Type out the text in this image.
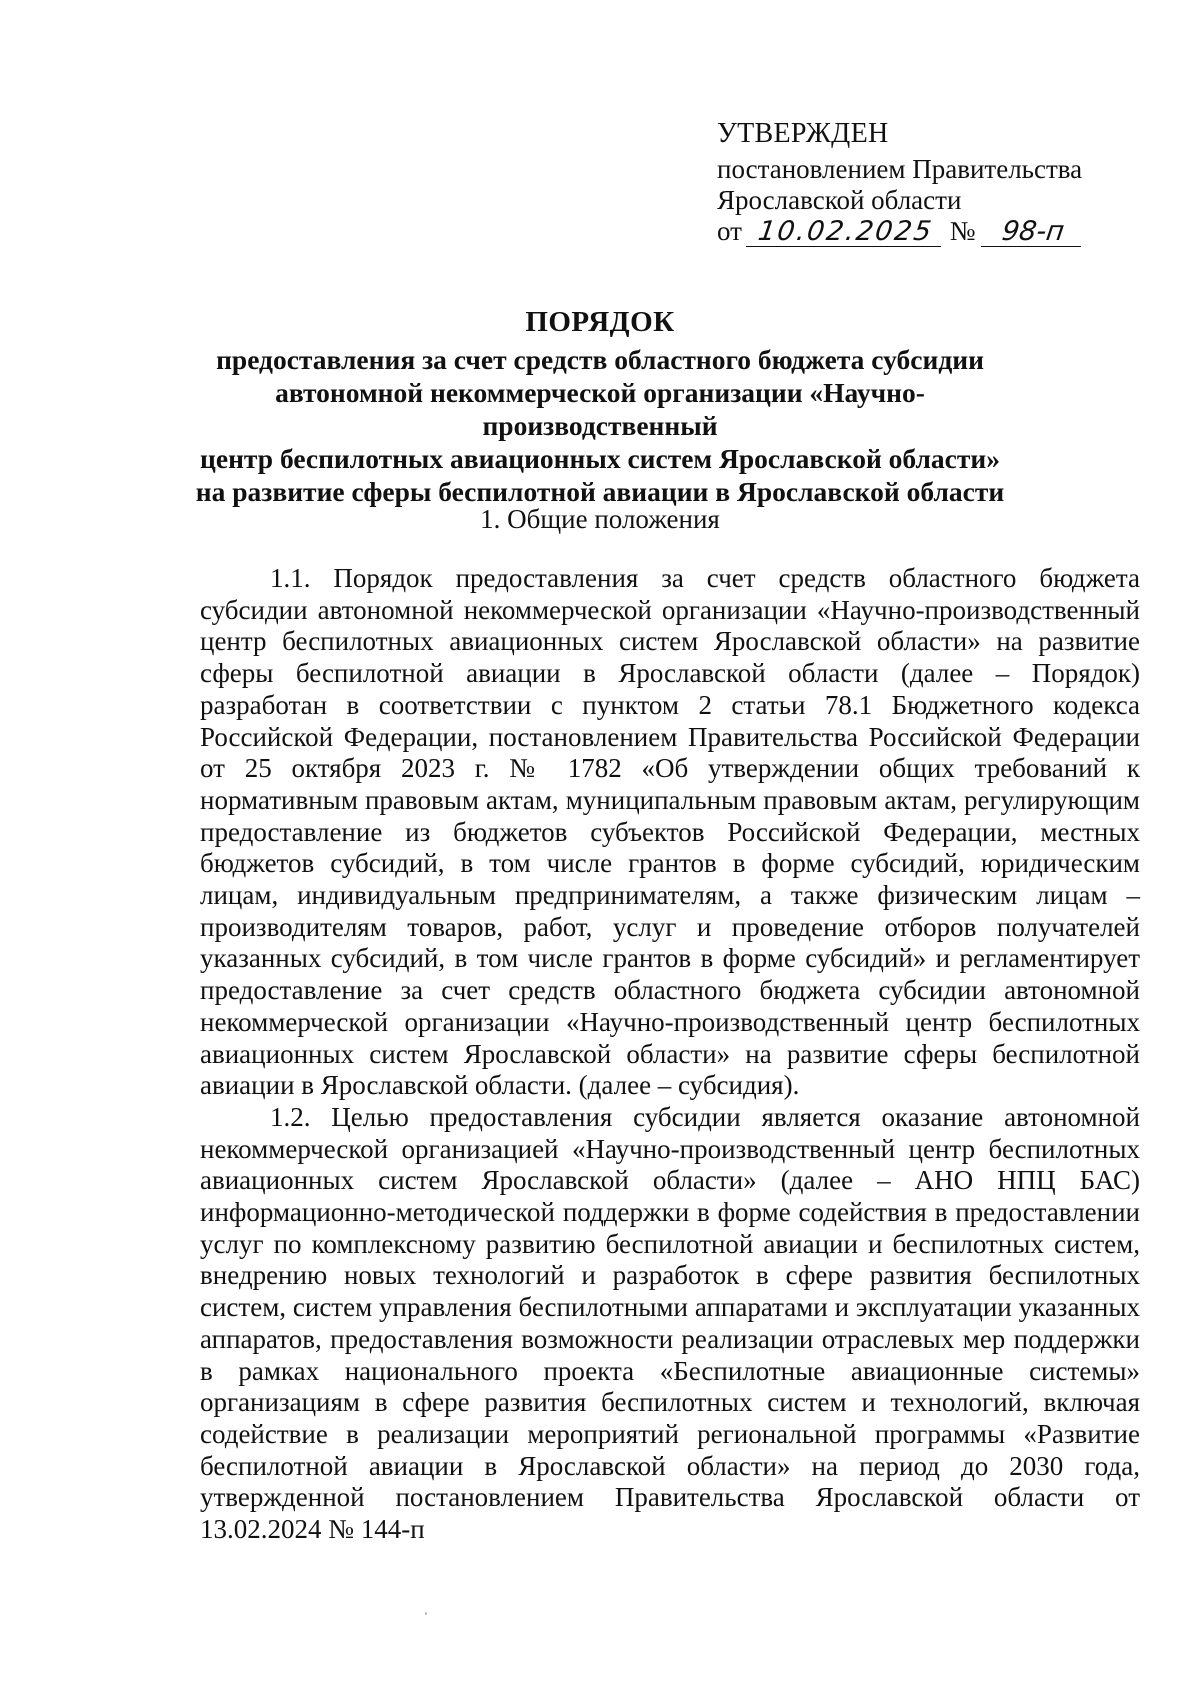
УТВЕРЖДЕН
постановлением Правительства
Ярославской области
от 10.02.2025 № 98-п
ПОРЯДОК
предоставления за счет средств областного бюджета субсидии
автономной некоммерческой организации «Научно-производственный
центр беспилотных авиационных систем Ярославской области»
на развитие сферы беспилотной авиации в Ярославской области
1. Общие положения

1.1. Порядок предоставления за счет средств областного бюджета субсидии автономной некоммерческой организации «Научно-производственный центр беспилотных авиационных систем Ярославской области» на развитие сферы беспилотной авиации в Ярославской области (далее – Порядок) разработан в соответствии с пунктом 2 статьи 78.1 Бюджетного кодекса Российской Федерации, постановлением Правительства Российской Федерации от 25 октября 2023 г. № 1782 «Об утверждении общих требований к нормативным правовым актам, муниципальным правовым актам, регулирующим предоставление из бюджетов субъектов Российской Федерации, местных бюджетов субсидий, в том числе грантов в форме субсидий, юридическим лицам, индивидуальным предпринимателям, а также физическим лицам – производителям товаров, работ, услуг и проведение отборов получателей указанных субсидий, в том числе грантов в форме субсидий» и регламентирует предоставление за счет средств областного бюджета субсидии автономной некоммерческой организации «Научно-производственный центр беспилотных авиационных систем Ярославской области» на развитие сферы беспилотной авиации в Ярославской области. (далее – субсидия).

1.2. Целью предоставления субсидии является оказание автономной некоммерческой организацией «Научно-производственный центр беспилотных авиационных систем Ярославской области» (далее – АНО НПЦ БАС) информационно-методической поддержки в форме содействия в предоставлении услуг по комплексному развитию беспилотной авиации и беспилотных систем, внедрению новых технологий и разработок в сфере развития беспилотных систем, систем управления беспилотными аппаратами и эксплуатации указанных аппаратов, предоставления возможности реализации отраслевых мер поддержки в рамках национального проекта «Беспилотные авиационные системы» организациям в сфере развития беспилотных систем и технологий, включая содействие в реализации мероприятий региональной программы «Развитие беспилотной авиации в Ярославской области» на период до 2030 года, утвержденной постановлением Правительства Ярославской области от 13.02.2024 № 144-п
